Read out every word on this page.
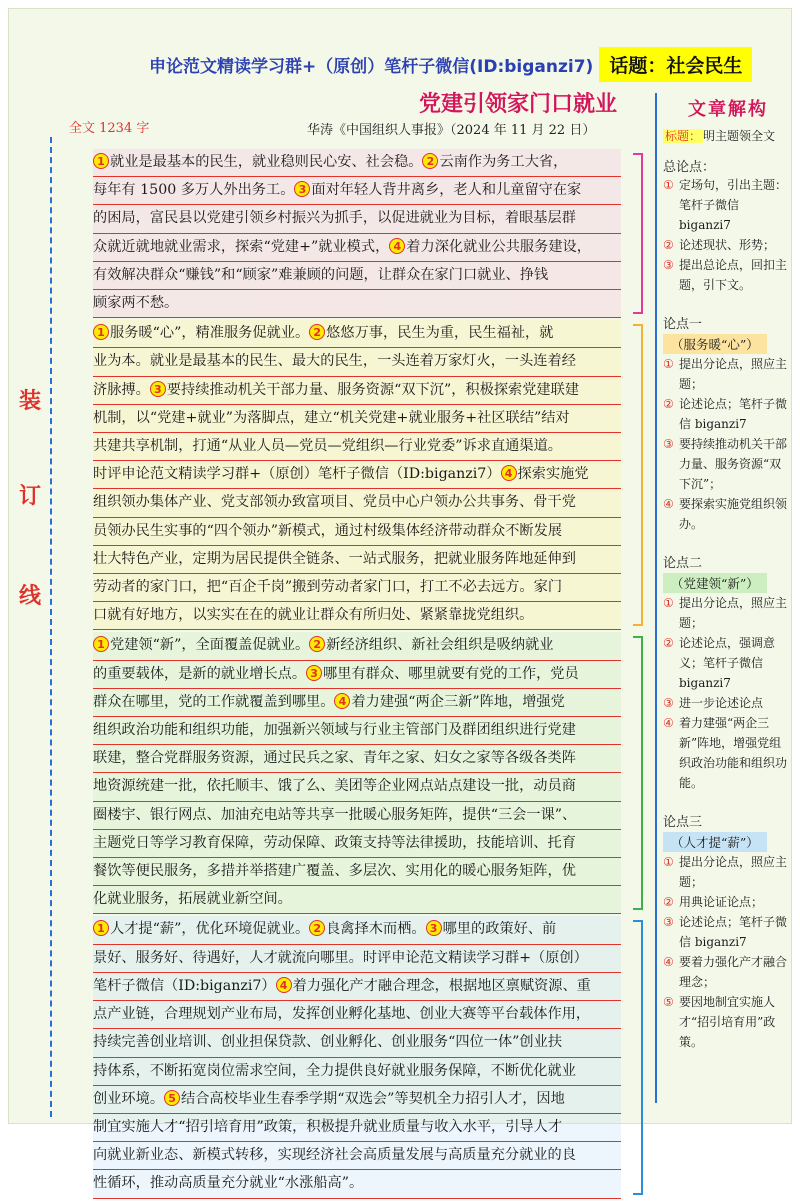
申论范文精读学习群+（原创）笔杆子微信(ID:biganzi7) 话题：社会民生
党建引领家门口就业
全文 1234 字	华涛《中国组织人事报》（2024 年 11 月 22 日）
装
订
线
1 就业是最基本的民生，就业稳则民心安、社会稳。 2 云南作为务工大省，
每年有 1500 多万人外出务工。 3 面对年轻人背井离乡，老人和儿童留守在家
的困局，富民县以党建引领乡村振兴为抓手，以促进就业为目标，着眼基层群
众就近就地就业需求，探索“党建+”就业模式， 4 着力深化就业公共服务建设，
有效解决群众“赚钱”和“顾家”难兼顾的问题，让群众在家门口就业、挣钱
顾家两不愁。
1 服务暖“心”，精准服务促就业。 2 悠悠万事，民生为重，民生福祉，就
业为本。就业是最基本的民生、最大的民生，一头连着万家灯火，一头连着经
济脉搏。 3 要持续推动机关干部力量、服务资源“双下沉”，积极探索党建联建
机制，以“党建+就业”为落脚点，建立“机关党建+就业服务+社区联结”结对
共建共享机制，打通“从业人员—党员—党组织—行业党委”诉求直通渠道。
时评申论范文精读学习群+（原创）笔杆子微信（ID:biganzi7） 4 探索实施党
组织领办集体产业、党支部领办致富项目、党员中心户领办公共事务、骨干党
员领办民生实事的“四个领办”新模式，通过村级集体经济带动群众不断发展
壮大特色产业，定期为居民提供全链条、一站式服务，把就业服务阵地延伸到
劳动者的家门口，把“百企千岗”搬到劳动者家门口，打工不必去远方。家门
口就有好地方，以实实在在的就业让群众有所归处、紧紧靠拢党组织。
1 党建领“新”，全面覆盖促就业。 2 新经济组织、新社会组织是吸纳就业
的重要载体，是新的就业增长点。 3 哪里有群众、哪里就要有党的工作，党员
群众在哪里，党的工作就覆盖到哪里。 4 着力建强“两企三新”阵地，增强党
组织政治功能和组织功能，加强新兴领域与行业主管部门及群团组织进行党建
联建，整合党群服务资源，通过民兵之家、青年之家、妇女之家等各级各类阵
地资源统建一批，依托顺丰、饿了么、美团等企业网点站点建设一批，动员商
圈楼宇、银行网点、加油充电站等共享一批暖心服务矩阵，提供“三会一课”、
主题党日等学习教育保障，劳动保障、政策支持等法律援助，技能培训、托育
餐饮等便民服务，多措并举搭建广覆盖、多层次、实用化的暖心服务矩阵，优
化就业服务，拓展就业新空间。
1 人才提“薪”，优化环境促就业。 2 良禽择木而栖。 3 哪里的政策好、前
景好、服务好、待遇好，人才就流向哪里。时评申论范文精读学习群+（原创）
笔杆子微信（ID:biganzi7） 4 着力强化产才融合理念，根据地区禀赋资源、重
点产业链，合理规划产业布局，发挥创业孵化基地、创业大赛等平台载体作用，
持续完善创业培训、创业担保贷款、创业孵化、创业服务“四位一体”创业扶
持体系，不断拓宽岗位需求空间，全力提供良好就业服务保障，不断优化就业
创业环境。 5 结合高校毕业生春季学期“双选会”等契机全力招引人才，因地
制宜实施人才“招引培育用”政策，积极提升就业质量与收入水平，引导人才
向就业新业态、新模式转移，实现经济社会高质量发展与高质量充分就业的良
性循环，推动高质量充分就业“水涨船高”。
文章解构
标题： 明主题领全文
总论点：
① 定场句，引出主题：笔杆子微信 biganzi7
② 论述现状、形势；
③ 提出总论点，回扣主题，引下文。
论点一
（服务暖“心”）
① 提出分论点，照应主题；
② 论述论点；笔杆子微信 biganzi7
③ 要持续推动机关干部力量、服务资源“双下沉”；
④ 要探索实施党组织领办。
论点二
（党建领“新”）
① 提出分论点，照应主题；
② 论述论点，强调意义；笔杆子微信 biganzi7
③ 进一步论述论点
④ 着力建强“两企三新”阵地，增强党组织政治功能和组织功能。
论点三
（人才提“薪”）
① 提出分论点，照应主题；
② 用典论证论点；
③ 论述论点；笔杆子微信 biganzi7
④ 要着力强化产才融合理念；
⑤ 要因地制宜实施人才“招引培育用”政策。
